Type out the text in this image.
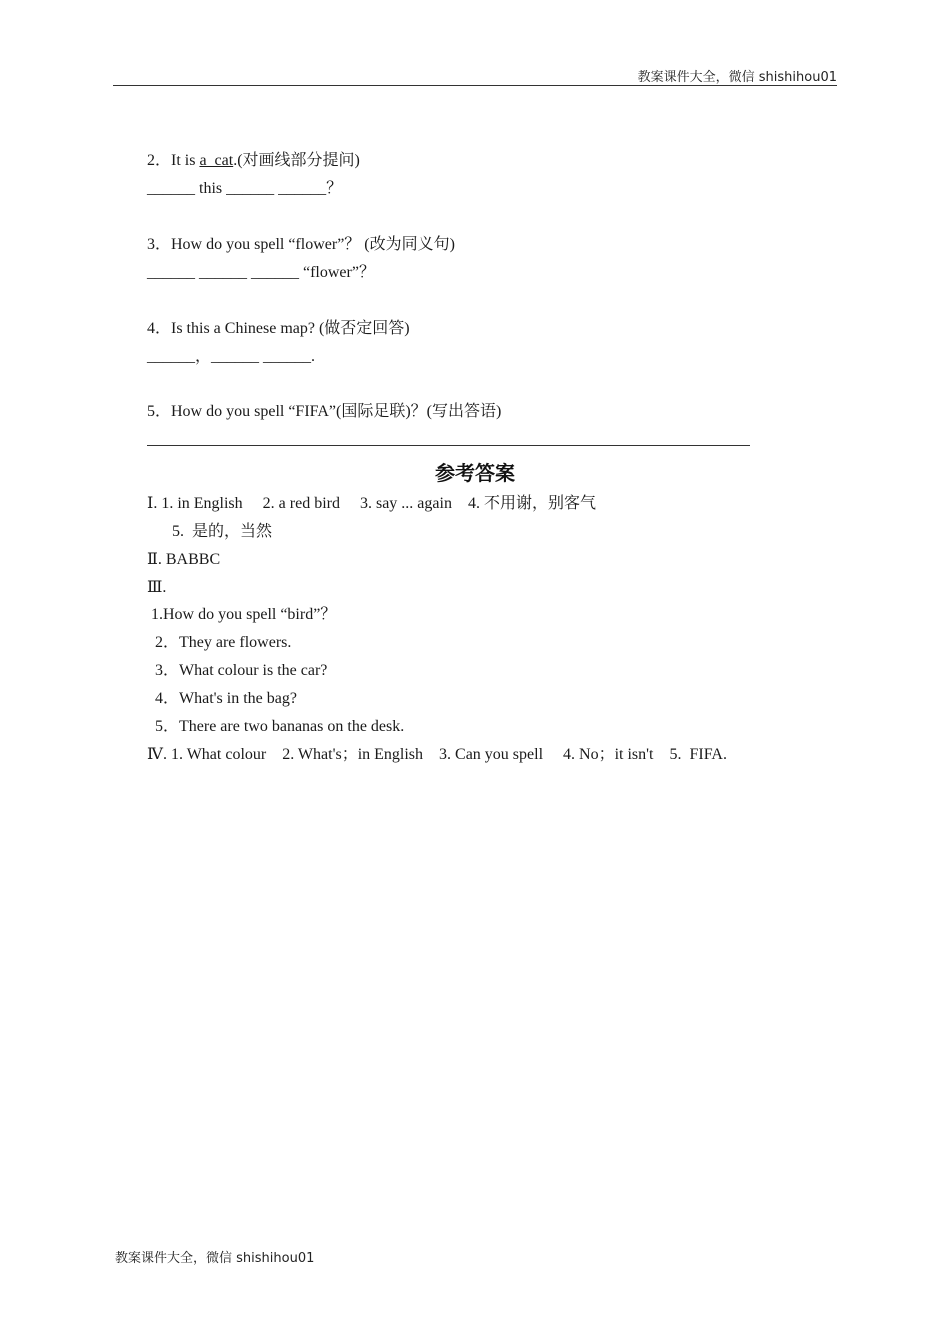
教案课件大全，微信 shishihou01
2．It is a  cat.(对画线部分提问)
______ this ______ ______？
3．How do you spell “flower”？ (改为同义句)
______ ______ ______ “flower”？
4．Is this a Chinese map? (做否定回答)
______，______ ______.
5．How do you spell “FIFA”(国际足联)？(写出答语)
参考答案
Ⅰ. 1. in English     2. a red bird     3. say ... again    4. 不用谢，别客气
5.  是的，当然
Ⅱ. BABBC
Ⅲ.
1.How do you spell “bird”？
2．They are flowers.
3．What colour is the car?
4．What's in the bag?
5．There are two bananas on the desk.
Ⅳ. 1. What colour    2. What's；in English    3. Can you spell     4. No；it isn't    5.  FIFA.
教案课件大全，微信 shishihou01
